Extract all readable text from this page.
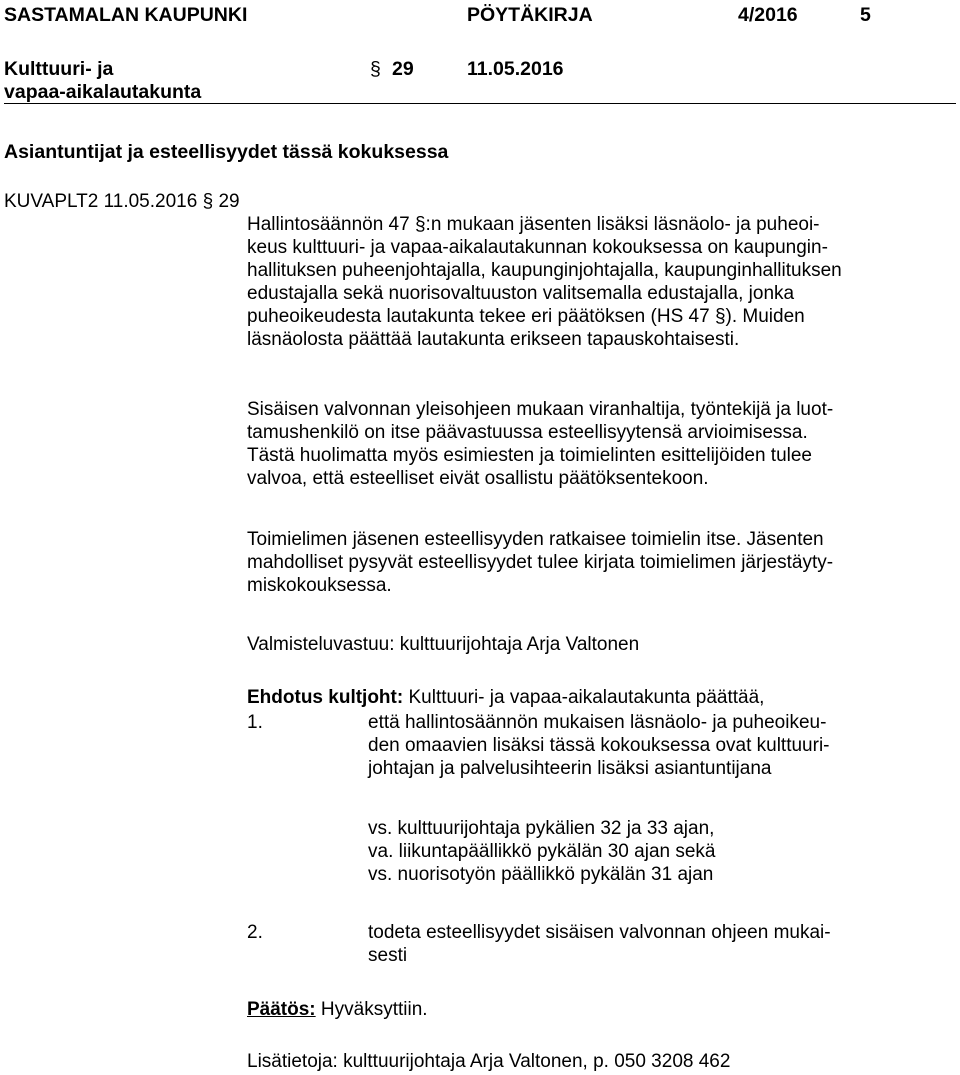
SASTAMALAN KAUPUNKI	PÖYTÄKIRJA	4/2016	5
Kulttuuri- ja
vapaa-aikalautakunta
§ 29	11.05.2016
Asiantuntijat ja esteellisyydet tässä kokuksessa
KUVAPLT2 11.05.2016 § 29
Hallintosäännön 47 §:n mukaan jäsenten lisäksi läsnäolo- ja puheoi-
keus kulttuuri- ja vapaa-aikalautakunnan kokouksessa on kaupungin-
hallituksen puheenjohtajalla, kaupunginjohtajalla, kaupunginhallituksen
edustajalla sekä nuorisovaltuuston valitsemalla edustajalla, jonka
puheoikeudesta lautakunta tekee eri päätöksen (HS 47 §). Muiden
läsnäolosta päättää lautakunta erikseen tapauskohtaisesti.
Sisäisen valvonnan yleisohjeen mukaan viranhaltija, työntekijä ja luot-
tamushenkilö on itse päävastuussa esteellisyytensä arvioimisessa.
Tästä huolimatta myös esimiesten ja toimielinten esittelijöiden tulee
valvoa, että esteelliset eivät osallistu päätöksentekoon.
Toimielimen jäsenen esteellisyyden ratkaisee toimielin itse. Jäsenten
mahdolliset pysyvät esteellisyydet tulee kirjata toimielimen järjestäyty-
miskokouksessa.
Valmisteluvastuu: kulttuurijohtaja Arja Valtonen
Ehdotus kultjoht: Kulttuuri- ja vapaa-aikalautakunta päättää,
1.	että hallintosäännön mukaisen läsnäolo- ja puheoikeu-
den omaavien lisäksi tässä kokouksessa ovat kulttuuri-
johtajan ja palvelusihteerin lisäksi asiantuntijana
vs. kulttuurijohtaja pykälien 32 ja 33 ajan,
va. liikuntapäällikkö pykälän 30 ajan sekä
vs. nuorisotyön päällikkö pykälän 31 ajan
2.	todeta esteellisyydet sisäisen valvonnan ohjeen mukai-
sesti
Päätös: Hyväksyttiin.
Lisätietoja: kulttuurijohtaja Arja Valtonen, p. 050 3208 462
